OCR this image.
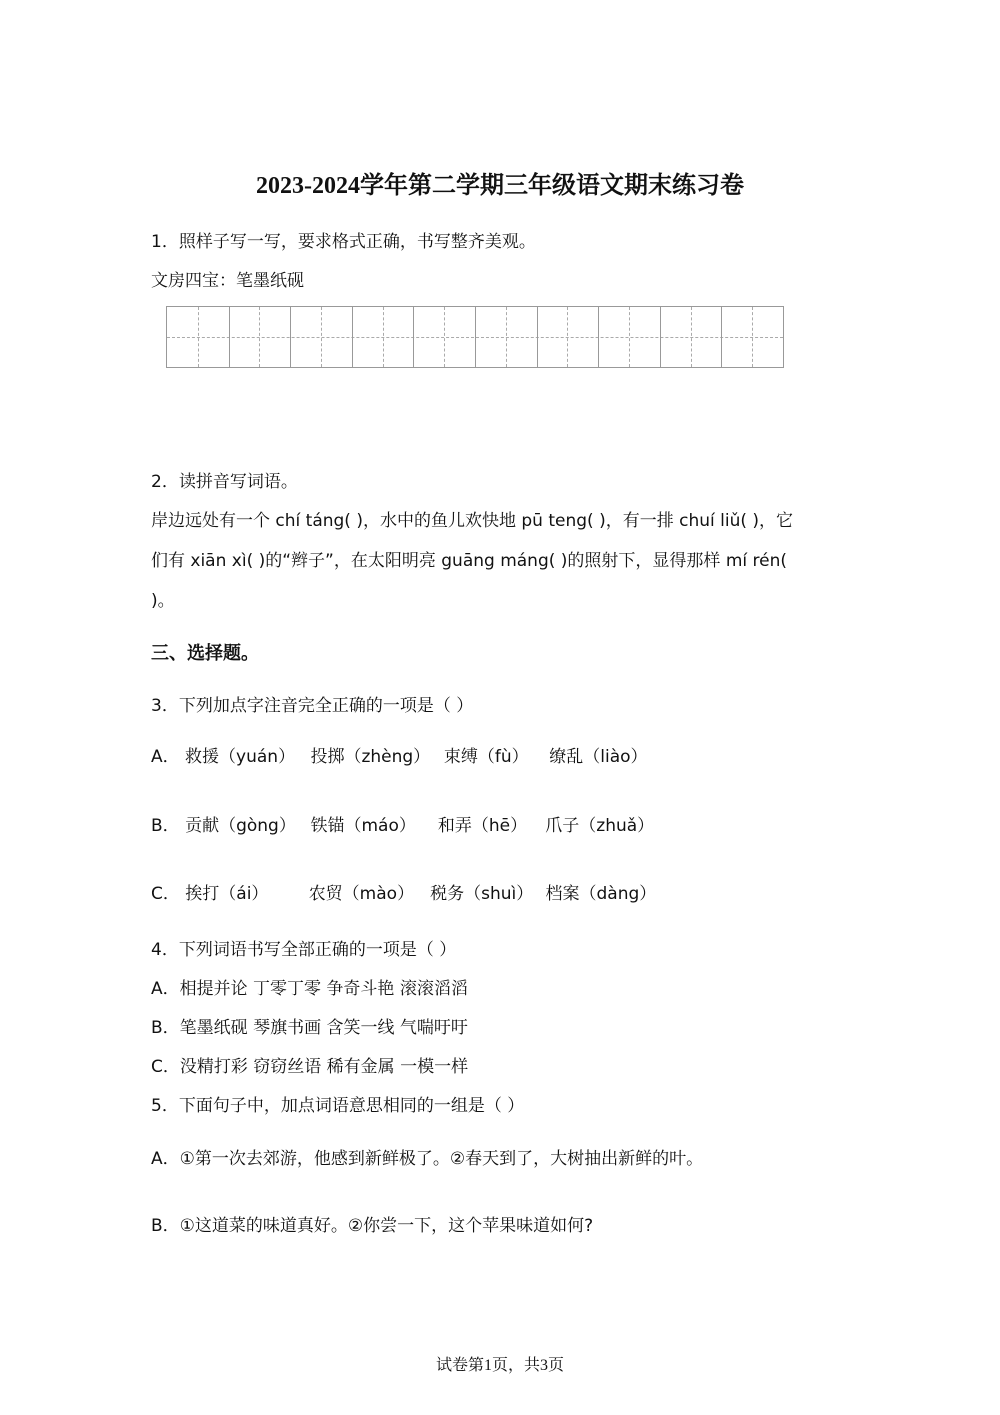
2023-2024学年第二学期三年级语文期末练习卷
1．照样子写一写，要求格式正确，书写整齐美观。
文房四宝：笔墨纸砚
2．读拼音写词语。
岸边远处有一个 chí táng( )，水中的鱼儿欢快地 pū teng( )，有一排 chuí liǔ( )，它
们有 xiān xì( )的“辫子”，在太阳明亮 guāng máng( )的照射下，显得那样 mí rén(
)。
三、选择题。
3．下列加点字注音完全正确的一项是（ ）
A． 救援（yuán） 投掷（zhèng） 束缚（fù） 缭乱（liào）
B． 贡献（gòng） 铁锚（máo） 和弄（hē） 爪子（zhuǎ）
C． 挨打（ái） 农贸（mào） 税务（shuì） 档案（dàng）
4．下列词语书写全部正确的一项是（ ）
A．相提并论 丁零丁零 争奇斗艳 滚滚滔滔
B．笔墨纸砚 琴旗书画 含笑一线 气喘吁吁
C．没精打彩 窃窃丝语 稀有金属 一模一样
5．下面句子中，加点词语意思相同的一组是（ ）
A．①第一次去郊游，他感到新鲜极了。②春天到了，大树抽出新鲜的叶。
B．①这道菜的味道真好。②你尝一下，这个苹果味道如何?
试卷第1页，共3页
